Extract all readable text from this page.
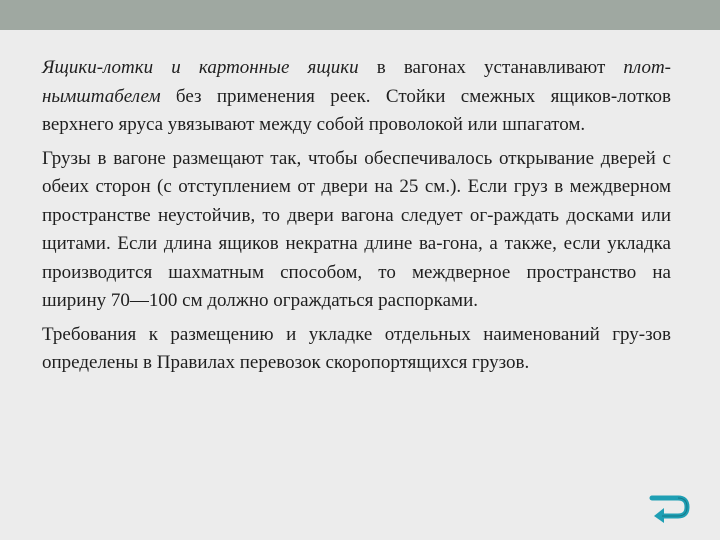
Ящики-лотки и картонные ящики в вагонах устанавливают плот-нымштабелем без применения реек. Стойки смежных ящиков-лотков верхнего яруса увязывают между собой проволокой или шпагатом.

Грузы в вагоне размещают так, чтобы обеспечивалось открывание дверей с обеих сторон (с отступлением от двери на 25 см.). Если груз в междверном пространстве неустойчив, то двери вагона следует ог-раждать досками или щитами. Если длина ящиков некратна длине ва-гона, а также, если укладка производится шахматным способом, то междверное пространство на ширину 70—100 см должно ограждаться распорками.

Требования к размещению и укладке отдельных наименований гру-зов определены в Правилах перевозок скоропортящихся грузов.
